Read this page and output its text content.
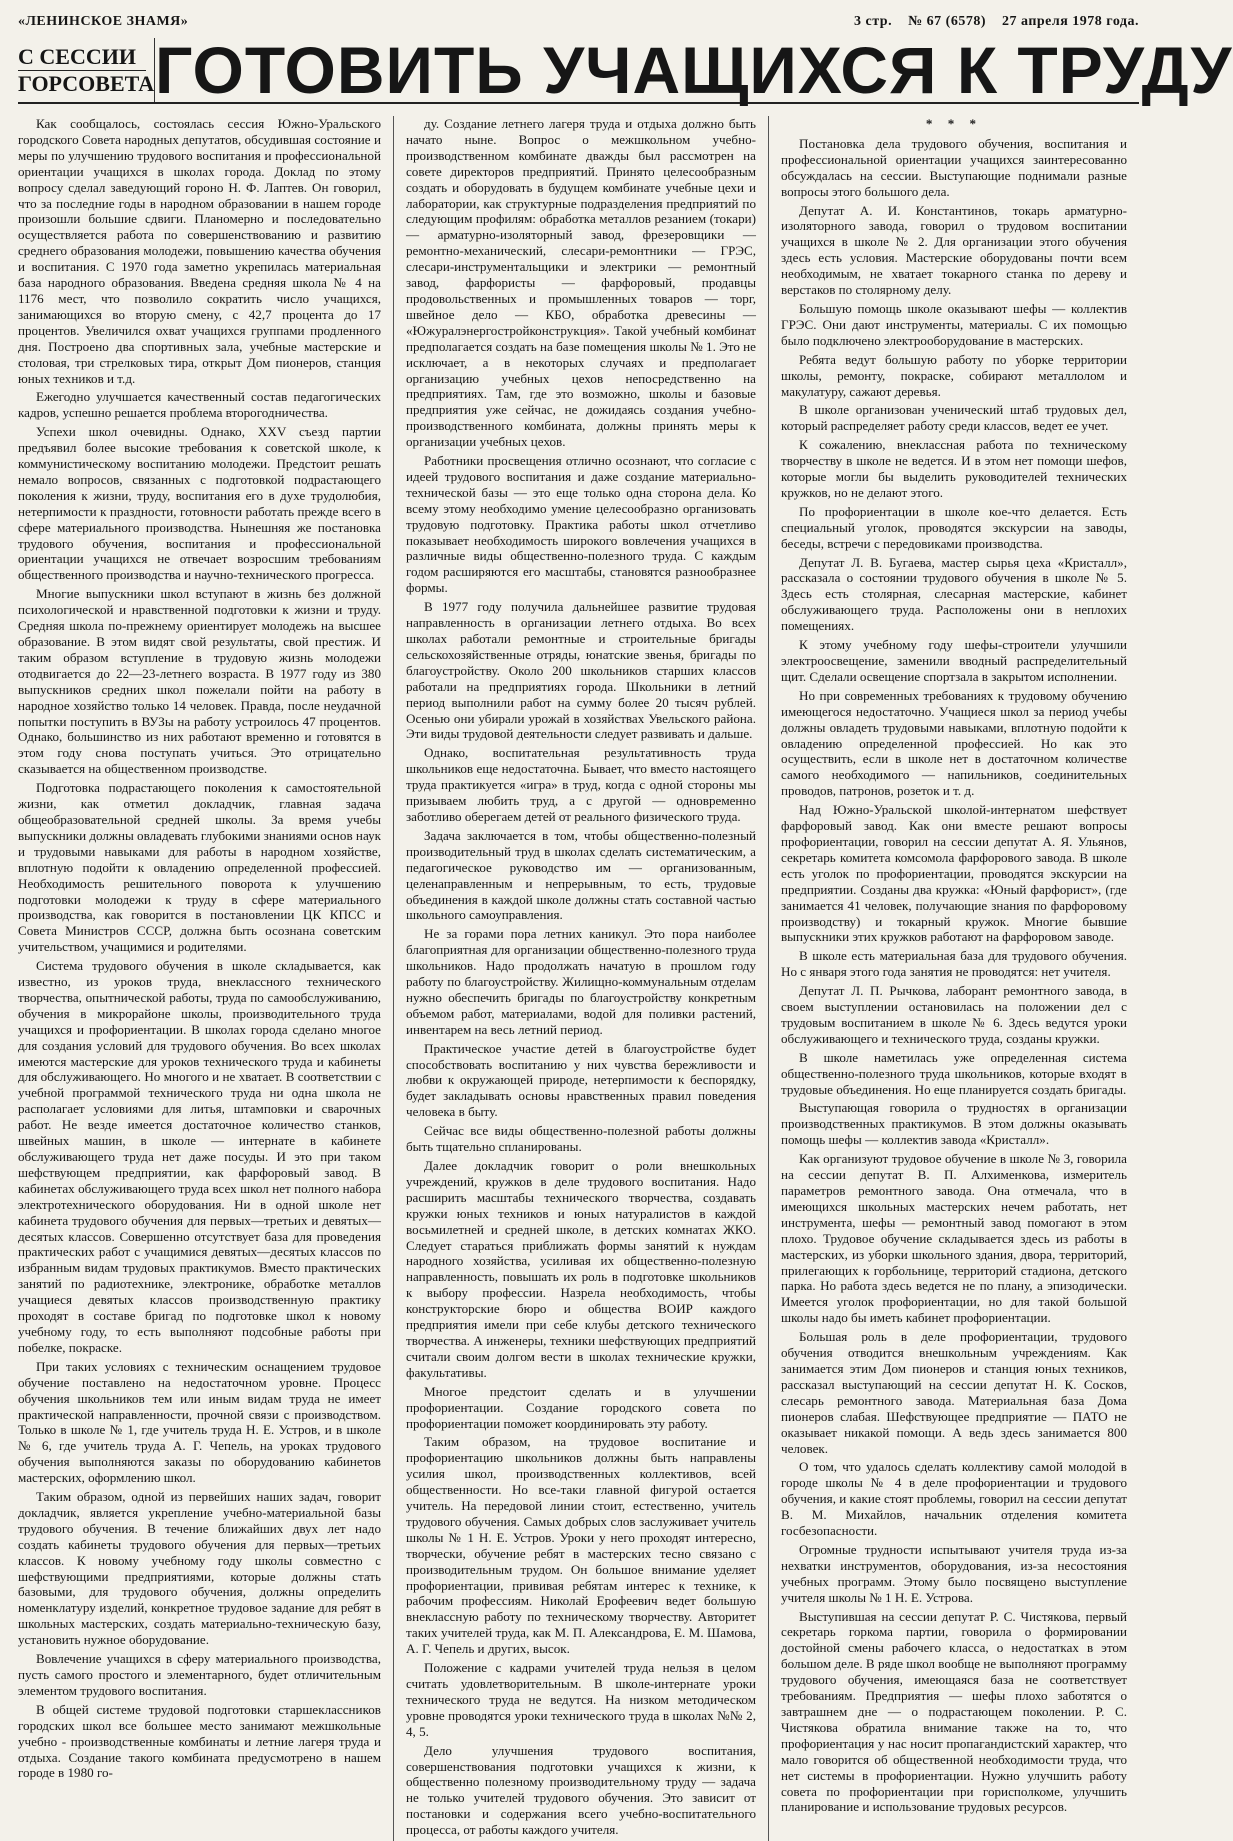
«ЛЕНИНСКОЕ ЗНАМЯ»	3 стр. № 67 (6578) 27 апреля 1978 года.
С СЕССИИ
ГОРСОВЕТА ГОТОВИТЬ УЧАЩИХСЯ К ТРУДУ

Как сообщалось, состоялась сессия Южно-Уральского городского Совета народных депутатов, обсудившая состояние и меры по улучшению трудового воспитания и профессиональной ориентации учащихся в школах города. Доклад по этому вопросу сделал заведующий гороно Н. Ф. Лаптев. Он говорил, что за последние годы в народном образовании в нашем городе произошли большие сдвиги. Планомерно и последовательно осуществляется работа по совершенствованию и развитию среднего образования молодежи, повышению качества обучения и воспитания. С 1970 года заметно укрепилась материальная база народного образования. Введена средняя школа № 4 на 1176 мест, что позволило сократить число учащихся, занимающихся во вторую смену, с 42,7 процента до 17 процентов. Увеличился охват учащихся группами продленного дня. Построено два спортивных зала, учебные мастерские и столовая, три стрелковых тира, открыт Дом пионеров, станция юных техников и т.д.

Ежегодно улучшается качественный состав педагогических кадров, успешно решается проблема второгодничества.

Успехи школ очевидны. Однако, XXV съезд партии предъявил более высокие требования к советской школе, к коммунистическому воспитанию молодежи. Предстоит решать немало вопросов, связанных с подготовкой подрастающего поколения к жизни, труду, воспитания его в духе трудолюбия, нетерпимости к праздности, готовности работать прежде всего в сфере материального производства. Нынешняя же постановка трудового обучения, воспитания и профессиональной ориентации учащихся не отвечает возросшим требованиям общественного производства и научно-технического прогресса.

Многие выпускники школ вступают в жизнь без должной психологической и нравственной подготовки к жизни и труду. Средняя школа по-прежнему ориентирует молодежь на высшее образование. В этом видят свой результаты, свой престиж. И таким образом вступление в трудовую жизнь молодежи отодвигается до 22—23-летнего возраста. В 1977 году из 380 выпускников средних школ пожелали пойти на работу в народное хозяйство только 14 человек. Правда, после неудачной попытки поступить в ВУЗы на работу устроилось 47 процентов. Однако, большинство из них работают временно и готовятся в этом году снова поступать учиться. Это отрицательно сказывается на общественном производстве.

Подготовка подрастающего поколения к самостоятельной жизни, как отметил докладчик, главная задача общеобразовательной средней школы. За время учебы выпускники должны овладевать глубокими знаниями основ наук и трудовыми навыками для работы в народном хозяйстве, вплотную подойти к овладению определенной профессией. Необходимость решительного поворота к улучшению подготовки молодежи к труду в сфере материального производства, как говорится в постановлении ЦК КПСС и Совета Министров СССР, должна быть осознана советским учительством, учащимися и родителями.

Система трудового обучения в школе складывается, как известно, из уроков труда, внеклассного технического творчества, опытнической работы, труда по самообслуживанию, обучения в микрорайоне школы, производительного труда учащихся и профориентации. В школах города сделано многое для создания условий для трудового обучения. Во всех школах имеются мастерские для уроков технического труда и кабинеты для обслуживающего. Но многого и не хватает. В соответствии с учебной программой технического труда ни одна школа не располагает условиями для литья, штамповки и сварочных работ. Не везде имеется достаточное количество станков, швейных машин, в школе — интернате в кабинете обслуживающего труда нет даже посуды. И это при таком шефствующем предприятии, как фарфоровый завод. В кабинетах обслуживающего труда всех школ нет полного набора электротехнического оборудования. Ни в одной школе нет кабинета трудового обучения для первых—третьих и девятых—десятых классов. Совершенно отсутствует база для проведения практических работ с учащимися девятых—десятых классов по избранным видам трудовых практикумов. Вместо практических занятий по радиотехнике, электронике, обработке металлов учащиеся девятых классов производственную практику проходят в составе бригад по подготовке школ к новому учебному году, то есть выполняют подсобные работы при побелке, покраске.

При таких условиях с техническим оснащением трудовое обучение поставлено на недостаточном уровне. Процесс обучения школьников тем или иным видам труда не имеет практической направленности, прочной связи с производством. Только в школе № 1, где учитель труда Н. Е. Устров, и в школе № 6, где учитель труда А. Г. Чепель, на уроках трудового обучения выполняются заказы по оборудованию кабинетов мастерских, оформлению школ.

Таким образом, одной из первейших наших задач, говорит докладчик, является укрепление учебно-материальной базы трудового обучения. В течение ближайших двух лет надо создать кабинеты трудового обучения для первых—третьих классов. К новому учебному году школы совместно с шефствующими предприятиями, которые должны стать базовыми, для трудового обучения, должны определить номенклатуру изделий, конкретное трудовое задание для ребят в школьных мастерских, создать материально-техническую базу, установить нужное оборудование.

Вовлечение учащихся в сферу материального производства, пусть самого простого и элементарного, будет отличительным элементом трудового воспитания.

В общей системе трудовой подготовки старшеклассников городских школ все большее место занимают межшкольные учебно - производственные комбинаты и летние лагеря труда и отдыха. Создание такого комбината предусмотрено в нашем городе в 1980 го-

ду. Создание летнего лагеря труда и отдыха должно быть начато ныне. Вопрос о межшкольном учебно-производственном комбинате дважды был рассмотрен на совете директоров предприятий. Принято целесообразным создать и оборудовать в будущем комбинате учебные цехи и лаборатории, как структурные подразделения предприятий по следующим профилям: обработка металлов резанием (токари) — арматурно-изоляторный завод, фрезеровщики — ремонтно-механический, слесари-ремонтники — ГРЭС, слесари-инструментальщики и электрики — ремонтный завод, фарфористы — фарфоровый, продавцы продовольственных и промышленных товаров — торг, швейное дело — КБО, обработка древесины — «Южуралэнергостройконструкция». Такой учебный комбинат предполагается создать на базе помещения школы № 1. Это не исключает, а в некоторых случаях и предполагает организацию учебных цехов непосредственно на предприятиях. Там, где это возможно, школы и базовые предприятия уже сейчас, не дожидаясь создания учебно-производственного комбината, должны принять меры к организации учебных цехов.

Работники просвещения отлично осознают, что согласие с идеей трудового воспитания и даже создание материально-технической базы — это еще только одна сторона дела. Ко всему этому необходимо умение целесообразно организовать трудовую подготовку. Практика работы школ отчетливо показывает необходимость широкого вовлечения учащихся в различные виды общественно-полезного труда. С каждым годом расширяются его масштабы, становятся разнообразнее формы.

В 1977 году получила дальнейшее развитие трудовая направленность в организации летнего отдыха. Во всех школах работали ремонтные и строительные бригады сельскохозяйственные отряды, юнатские звенья, бригады по благоустройству. Около 200 школьников старших классов работали на предприятиях города. Школьники в летний период выполнили работ на сумму более 20 тысяч рублей. Осенью они убирали урожай в хозяйствах Увельского района. Эти виды трудовой деятельности следует развивать и дальше.

Однако, воспитательная результативность труда школьников еще недостаточна. Бывает, что вместо настоящего труда практикуется «игра» в труд, когда с одной стороны мы призываем любить труд, а с другой — одновременно заботливо оберегаем детей от реального физического труда.

Задача заключается в том, чтобы общественно-полезный производительный труд в школах сделать систематическим, а педагогическое руководство им — организованным, целенаправленным и непрерывным, то есть, трудовые объединения в каждой школе должны стать составной частью школьного самоуправления.

Не за горами пора летних каникул. Это пора наиболее благоприятная для организации общественно-полезного труда школьников. Надо продолжать начатую в прошлом году работу по благоустройству. Жилищно-коммунальным отделам нужно обеспечить бригады по благоустройству конкретным объемом работ, материалами, водой для поливки растений, инвентарем на весь летний период.

Практическое участие детей в благоустройстве будет способствовать воспитанию у них чувства бережливости и любви к окружающей природе, нетерпимости к беспорядку, будет закладывать основы нравственных правил поведения человека в быту.

Сейчас все виды общественно-полезной работы должны быть тщательно спланированы.

Далее докладчик говорит о роли внешкольных учреждений, кружков в деле трудового воспитания. Надо расширить масштабы технического творчества, создавать кружки юных техников и юных натуралистов в каждой восьмилетней и средней школе, в детских комнатах ЖКО. Следует стараться приближать формы занятий к нуждам народного хозяйства, усиливая их общественно-полезную направленность, повышать их роль в подготовке школьников к выбору профессии. Назрела необходимость, чтобы конструкторские бюро и общества ВОИР каждого предприятия имели при себе клубы детского технического творчества. А инженеры, техники шефствующих предприятий считали своим долгом вести в школах технические кружки, факультативы.

Многое предстоит сделать и в улучшении профориентации. Создание городского совета по профориентации поможет координировать эту работу.

Таким образом, на трудовое воспитание и профориентацию школьников должны быть направлены усилия школ, производственных коллективов, всей общественности. Но все-таки главной фигурой остается учитель. На передовой линии стоит, естественно, учитель трудового обучения. Самых добрых слов заслуживает учитель школы № 1 Н. Е. Устров. Уроки у него проходят интересно, творчески, обучение ребят в мастерских тесно связано с производительным трудом. Он большое внимание уделяет профориентации, прививая ребятам интерес к технике, к рабочим профессиям. Николай Ерофеевич ведет большую внеклассную работу по техническому творчеству. Авторитет таких учителей труда, как М. П. Александрова, Е. М. Шамова, А. Г. Чепель и других, высок.

Положение с кадрами учителей труда нельзя в целом считать удовлетворительным. В школе-интернате уроки технического труда не ведутся. На низком методическом уровне проводятся уроки технического труда в школах №№ 2, 4, 5.

Дело улучшения трудового воспитания, совершенствования подготовки учащихся к жизни, к общественно полезному производительному труду — задача не только учителей трудового обучения. Это зависит от постановки и содержания всего учебно-воспитательного процесса, от работы каждого учителя.

* * *

Постановка дела трудового обучения, воспитания и профессиональной ориентации учащихся заинтересованно обсуждалась на сессии. Выступающие поднимали разные вопросы этого большого дела.

Депутат А. И. Константинов, токарь арматурно-изоляторного завода, говорил о трудовом воспитании учащихся в школе № 2. Для организации этого обучения здесь есть условия. Мастерские оборудованы почти всем необходимым, не хватает токарного станка по дереву и верстаков по столярному делу.

Большую помощь школе оказывают шефы — коллектив ГРЭС. Они дают инструменты, материалы. С их помощью было подключено электрооборудование в мастерских.

Ребята ведут большую работу по уборке территории школы, ремонту, покраске, собирают металлолом и макулатуру, сажают деревья.

В школе организован ученический штаб трудовых дел, который распределяет работу среди классов, ведет ее учет.

К сожалению, внеклассная работа по техническому творчеству в школе не ведется. И в этом нет помощи шефов, которые могли бы выделить руководителей технических кружков, но не делают этого.

По профориентации в школе кое-что делается. Есть специальный уголок, проводятся экскурсии на заводы, беседы, встречи с передовиками производства.

Депутат Л. В. Бугаева, мастер сырья цеха «Кристалл», рассказала о состоянии трудового обучения в школе № 5. Здесь есть столярная, слесарная мастерские, кабинет обслуживающего труда. Расположены они в неплохих помещениях.

К этому учебному году шефы-строители улучшили электроосвещение, заменили вводный распределительный щит. Сделали освещение спортзала в закрытом исполнении.

Но при современных требованиях к трудовому обучению имеющегося недостаточно. Учащиеся школ за период учебы должны овладеть трудовыми навыками, вплотную подойти к овладению определенной профессией. Но как это осуществить, если в школе нет в достаточном количестве самого необходимого — напильников, соединительных проводов, патронов, розеток и т. д.

Над Южно-Уральской школой-интернатом шефствует фарфоровый завод. Как они вместе решают вопросы профориентации, говорил на сессии депутат А. Я. Ульянов, секретарь комитета комсомола фарфорового завода. В школе есть уголок по профориентации, проводятся экскурсии на предприятии. Созданы два кружка: «Юный фарфорист», (где занимается 41 человек, получающие знания по фарфоровому производству) и токарный кружок. Многие бывшие выпускники этих кружков работают на фарфоровом заводе.

В школе есть материальная база для трудового обучения. Но с января этого года занятия не проводятся: нет учителя.

Депутат Л. П. Рычкова, лаборант ремонтного завода, в своем выступлении остановилась на положении дел с трудовым воспитанием в школе № 6. Здесь ведутся уроки обслуживающего и технического труда, созданы кружки.

В школе наметилась уже определенная система общественно-полезного труда школьников, которые входят в трудовые объединения. Но еще планируется создать бригады.

Выступающая говорила о трудностях в организации производственных практикумов. В этом должны оказывать помощь шефы — коллектив завода «Кристалл».

Как организуют трудовое обучение в школе № 3, говорила на сессии депутат В. П. Алхименкова, измеритель параметров ремонтного завода. Она отмечала, что в имеющихся школьных мастерских нечем работать, нет инструмента, шефы — ремонтный завод помогают в этом плохо. Трудовое обучение складывается здесь из работы в мастерских, из уборки школьного здания, двора, территорий, прилегающих к горбольнице, территорий стадиона, детского парка. Но работа здесь ведется не по плану, а эпизодически. Имеется уголок профориентации, но для такой большой школы надо бы иметь кабинет профориентации.

Большая роль в деле профориентации, трудового обучения отводится внешкольным учреждениям. Как занимается этим Дом пионеров и станция юных техников, рассказал выступающий на сессии депутат Н. К. Сосков, слесарь ремонтного завода. Материальная база Дома пионеров слабая. Шефствующее предприятие — ПАТО не оказывает никакой помощи. А ведь здесь занимается 800 человек.

О том, что удалось сделать коллективу самой молодой в городе школы № 4 в деле профориентации и трудового обучения, и какие стоят проблемы, говорил на сессии депутат В. М. Михайлов, начальник отделения комитета госбезопасности.

Огромные трудности испытывают учителя труда из-за нехватки инструментов, оборудования, из-за несостояния учебных программ. Этому было посвящено выступление учителя школы № 1 Н. Е. Устрова.

Выступившая на сессии депутат Р. С. Чистякова, первый секретарь горкома партии, говорила о формировании достойной смены рабочего класса, о недостатках в этом большом деле. В ряде школ вообще не выполняют программу трудового обучения, имеющаяся база не соответствует требованиям. Предприятия — шефы плохо заботятся о завтрашнем дне — о подрастающем поколении. Р. С. Чистякова обратила внимание также на то, что профориентация у нас носит пропагандистский характер, что мало говорится об общественной необходимости труда, что нет системы в профориентации. Нужно улучшить работу совета по профориентации при горисполкоме, улучшить планирование и использование трудовых ресурсов.
